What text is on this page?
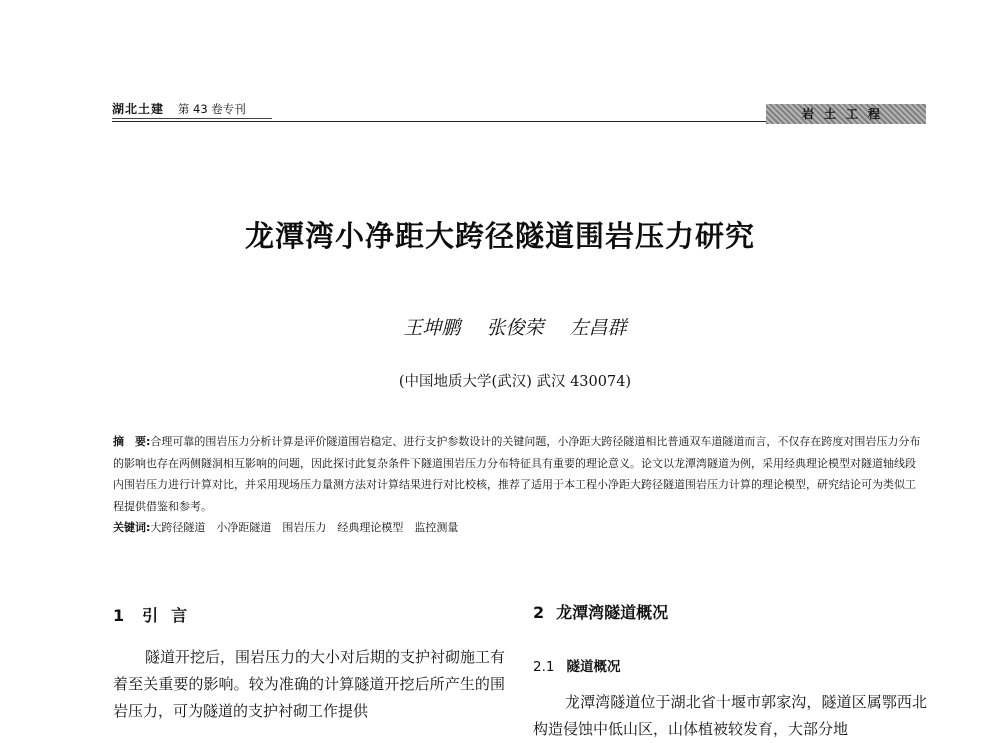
湖北土建 第 43 卷专刊	岩土工程
龙潭湾小净距大跨径隧道围岩压力研究
王坤鹏 张俊荣 左昌群
(中国地质大学(武汉) 武汉 430074)

摘　要:合理可靠的围岩压力分析计算是评价隧道围岩稳定、进行支护参数设计的关键问题，小净距大跨径隧道相比普通双车道隧道而言，不仅存在跨度对围岩压力分布的影响也存在两侧隧洞相互影响的问题，因此探讨此复杂条件下隧道围岩压力分布特征具有重要的理论意义。论文以龙潭湾隧道为例，采用经典理论模型对隧道轴线段内围岩压力进行计算对比，并采用现场压力量测方法对计算结果进行对比校核，推荐了适用于本工程小净距大跨径隧道围岩压力计算的理论模型，研究结论可为类似工程提供借鉴和参考。

关键词:大跨径隧道　小净距隧道　围岩压力　经典理论模型　监控测量

1 引言

隧道开挖后，围岩压力的大小对后期的支护衬砌施工有着至关重要的影响。较为准确的计算隧道开挖后所产生的围岩压力，可为隧道的支护衬砌工作提供

2 龙潭湾隧道概况
2.1 隧道概况

龙潭湾隧道位于湖北省十堰市郭家沟，隧道区属鄂西北构造侵蚀中低山区，山体植被较发育，大部分地
